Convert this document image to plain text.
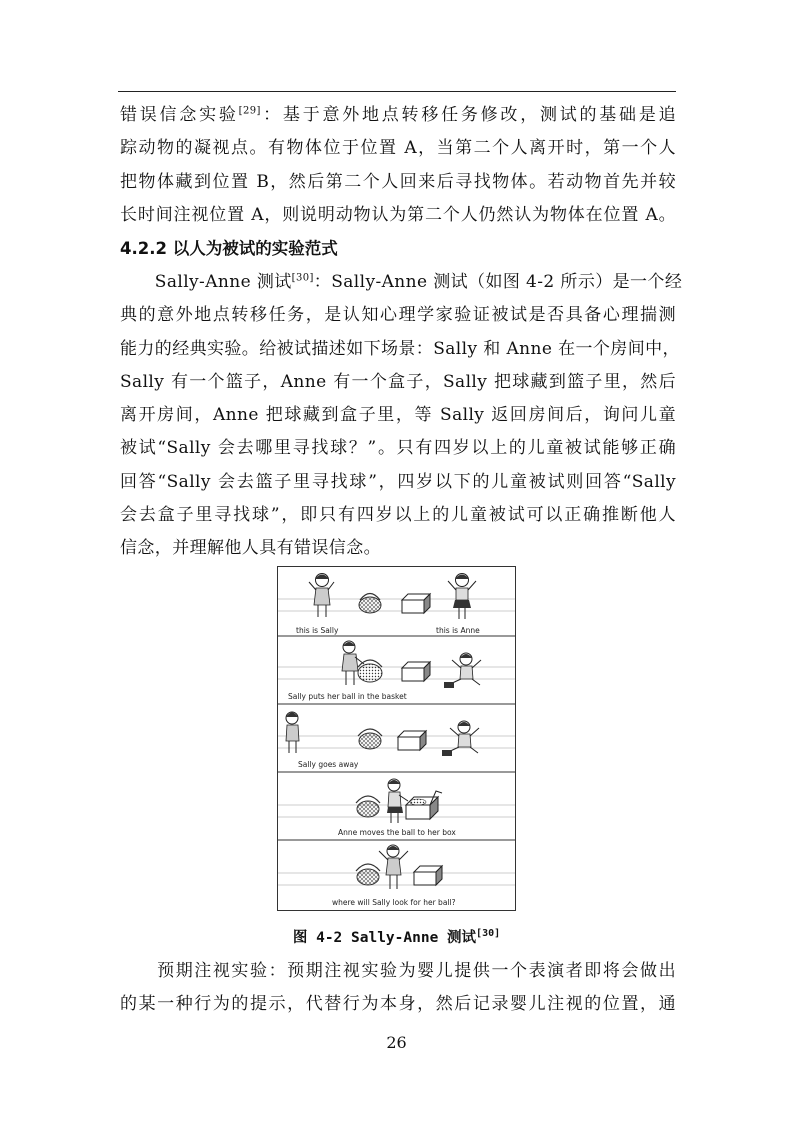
错误信念实验[29]：基于意外地点转移任务修改，测试的基础是追
踪动物的凝视点。有物体位于位置 A，当第二个人离开时，第一个人
把物体藏到位置 B，然后第二个人回来后寻找物体。若动物首先并较
长时间注视位置 A，则说明动物认为第二个人仍然认为物体在位置 A。
4.2.2 以人为被试的实验范式
　　Sally-Anne 测试[30]：Sally-Anne 测试（如图 4-2 所示）是一个经
典的意外地点转移任务，是认知心理学家验证被试是否具备心理揣测
能力的经典实验。给被试描述如下场景：Sally 和 Anne 在一个房间中，
Sally 有一个篮子，Anne 有一个盒子，Sally 把球藏到篮子里，然后
离开房间，Anne 把球藏到盒子里，等 Sally 返回房间后，询问儿童
被试“Sally 会去哪里寻找球？”。只有四岁以上的儿童被试能够正确
回答“Sally 会去篮子里寻找球”，四岁以下的儿童被试则回答“Sally
会去盒子里寻找球”，即只有四岁以上的儿童被试可以正确推断他人
信念，并理解他人具有错误信念。
this is Sally	this is Anne
Sally puts her ball in the basket
Sally goes away
Anne moves the ball to her box
where will Sally look for her ball?
图 4-2 Sally-Anne 测试[30]
　　预期注视实验：预期注视实验为婴儿提供一个表演者即将会做出
的某一种行为的提示，代替行为本身，然后记录婴儿注视的位置，通
26
